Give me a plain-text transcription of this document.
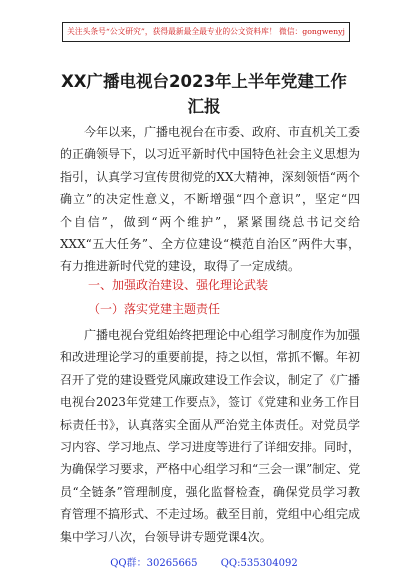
关注头条号“公文研究”，获得最新最全最专业的公文资料库！ 微信：gongwenyj
XX广播电视台2023年上半年党建工作
汇报
今年以来，广播电视台在市委、政府、市直机关工委
的正确领导下，以习近平新时代中国特色社会主义思想为
指引，认真学习宣传贯彻党的XX大精神，深刻领悟“两个
确立”的决定性意义，不断增强“四个意识”，坚定“四
个自信”，做到“两个维护”，紧紧围绕总书记交给
XXX“五大任务”、全方位建设“模范自治区”两件大事，
有力推进新时代党的建设，取得了一定成绩。
一、加强政治建设、强化理论武装
（一）落实党建主题责任
广播电视台党组始终把理论中心组学习制度作为加强
和改进理论学习的重要前提，持之以恒，常抓不懈。年初
召开了党的建设暨党风廉政建设工作会议，制定了《广播
电视台2023年党建工作要点》，签订《党建和业务工作目
标责任书》，认真落实全面从严治党主体责任。对党员学
习内容、学习地点、学习进度等进行了详细安排。同时，
为确保学习要求，严格中心组学习和“三会一课”制定、党
员“全链条”管理制度，强化监督检查，确保党员学习教
育管理不搞形式、不走过场。截至目前，党组中心组完成
集中学习八次，台领导讲专题党课4次。
QQ群：30265665 QQ:535304092
